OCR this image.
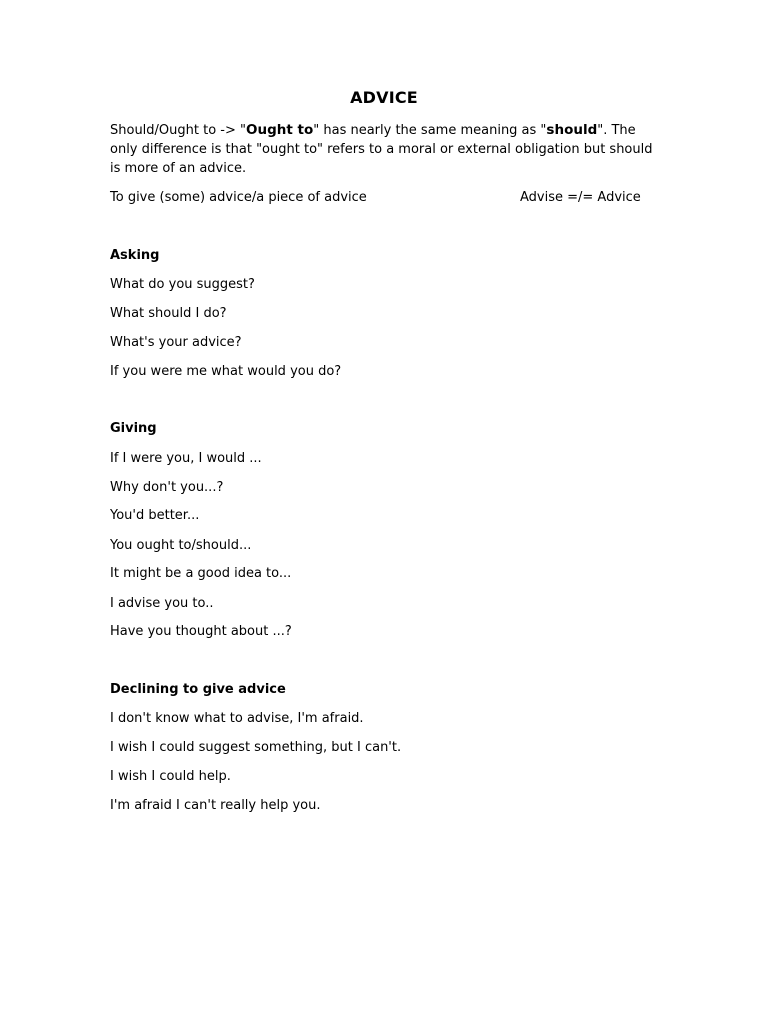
ADVICE

Should/Ought to -> "Ought to" has nearly the same meaning as "should". The only difference is that "ought to" refers to a moral or external obligation but should is more of an advice.

To give (some) advice/a piece of advice	Advise =/= Advice
Asking

What do you suggest?

What should I do?

What's your advice?

If you were me what would you do?

Giving

If I were you, I would ...

Why don't you...?

You'd better...

You ought to/should...

It might be a good idea to...

I advise you to..

Have you thought about ...?

Declining to give advice

I don't know what to advise, I'm afraid.

I wish I could suggest something, but I can't.

I wish I could help.

I'm afraid I can't really help you.
